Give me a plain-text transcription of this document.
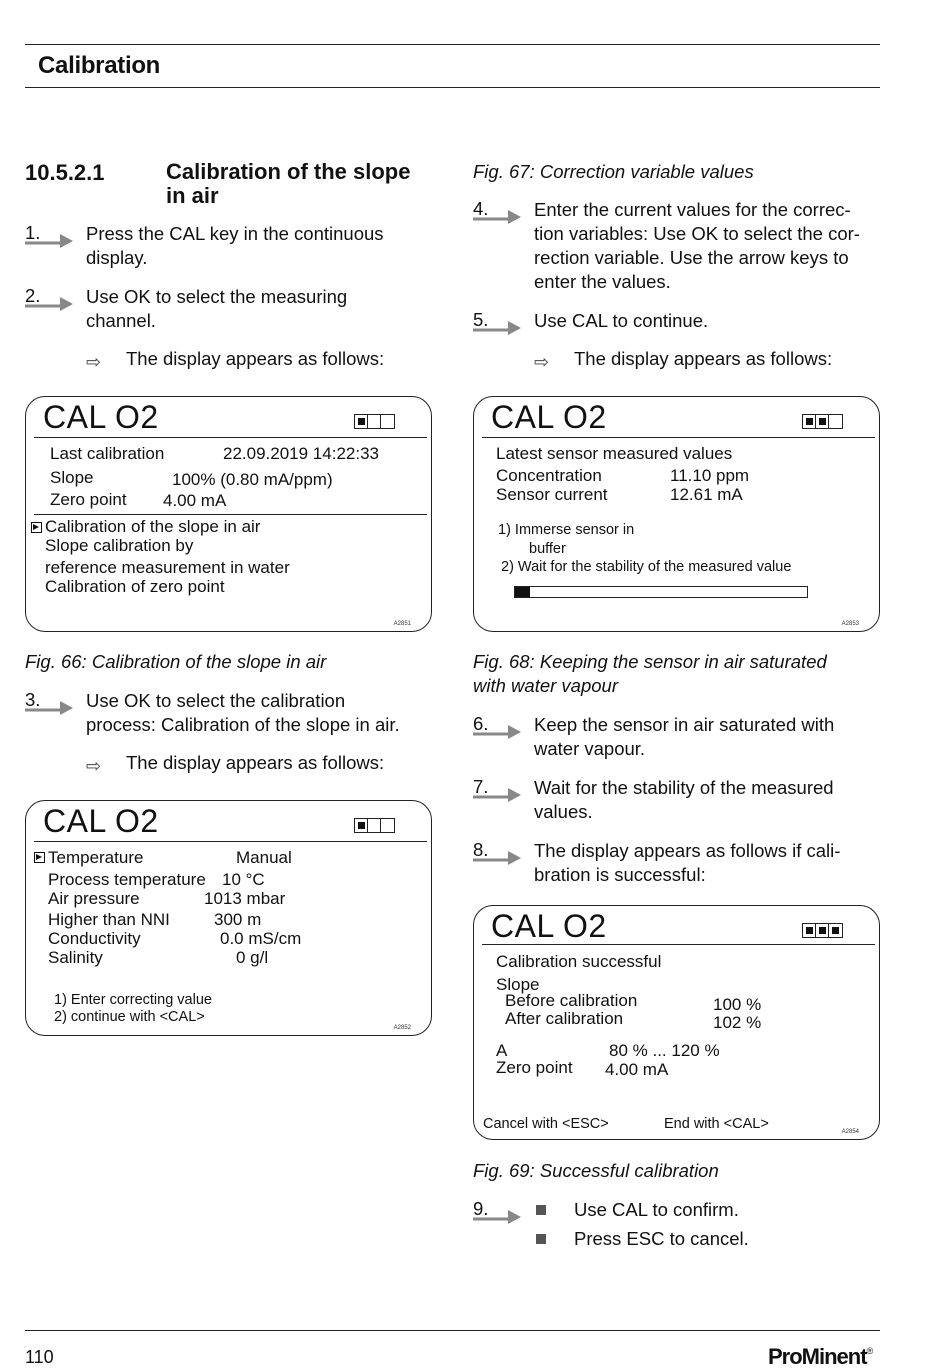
Calibration
10.5.2.1	Calibration of the slope in air
1. Press the CAL key in the continuous
display.
2. Use OK to select the measuring
channel.
⇨ The display appears as follows:
CAL O2
Last calibration	22.09.2019 14:22:33
Slope	100% (0.80 mA/ppm)
Zero point 4.00 mA
Calibration of the slope in air
Slope calibration by
reference measurement in water
Calibration of zero point
A2851
Fig. 66: Calibration of the slope in air
3. Use OK to select the calibration
process: Calibration of the slope in air.
⇨ The display appears as follows:
CAL O2
Temperature	Manual
Process temperature 10 °C
Air pressure	1013 mbar
Higher than NNI	300 m
Conductivity	0.0 mS/cm
Salinity	0 g/l
1) Enter correcting value
2) continue with <CAL>
A2852
Fig. 67: Correction variable values
4. Enter the current values for the correc-
tion variables: Use OK to select the cor-
rection variable. Use the arrow keys to
enter the values.
5. Use CAL to continue.
⇨ The display appears as follows:
CAL O2
Latest sensor measured values
Concentration	11.10 ppm
Sensor current	12.61 mA
1) Immerse sensor in
buffer
2) Wait for the stability of the measured value
A2853
Fig. 68: Keeping the sensor in air saturated
with water vapour
6. Keep the sensor in air saturated with
water vapour.
7. Wait for the stability of the measured
values.
8. The display appears as follows if cali-
bration is successful:
CAL O2
Calibration successful
Slope
Before calibration	100 %
After calibration	102 %
A	80 % ... 120 %
Zero point 4.00 mA
Cancel with <ESC>	End with <CAL>	A2854
Fig. 69: Successful calibration
9.	Use CAL to confirm.
Press ESC to cancel.
110	ProMinent®
